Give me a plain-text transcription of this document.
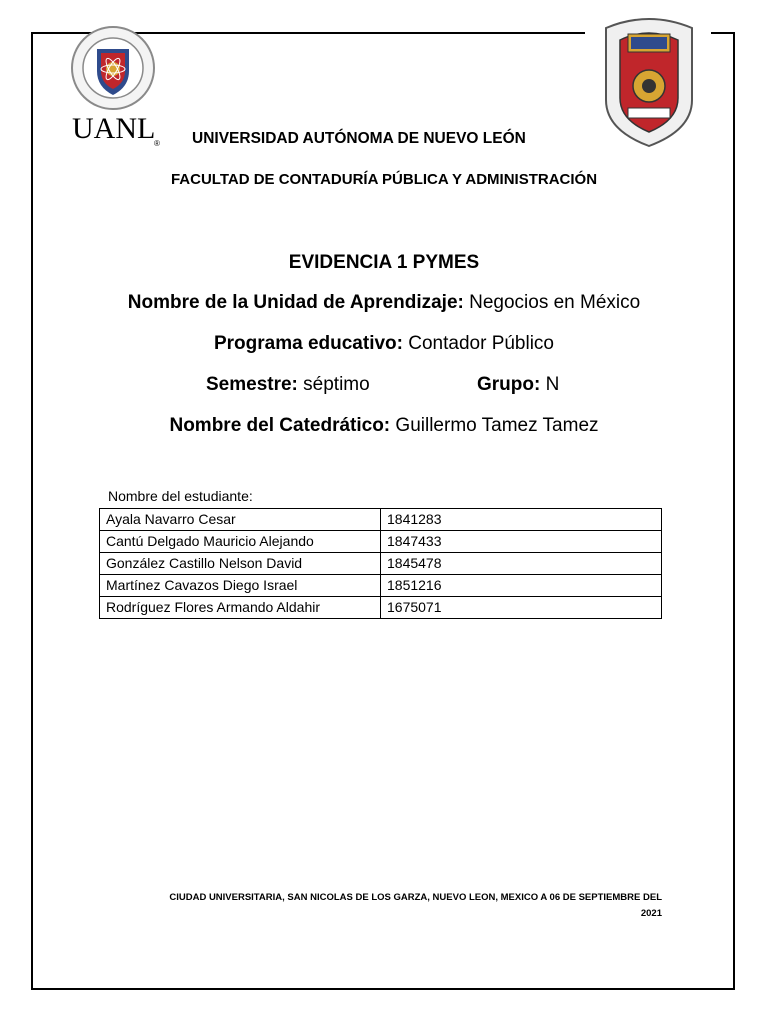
UANL
® UNIVERSIDAD AUTÓNOMA DE NUEVO LEÓN
FACULTAD DE CONTADURÍA PÚBLICA Y ADMINISTRACIÓN
EVIDENCIA 1 PYMES
Nombre de la Unidad de Aprendizaje: Negocios en México
Programa educativo: Contador Público
Semestre: séptimo	Grupo: N
Nombre del Catedrático: Guillermo Tamez Tamez
Nombre del estudiante:
Ayala Navarro Cesar	1841283
Cantú Delgado Mauricio Alejando	1847433
González Castillo Nelson David	1845478
Martínez Cavazos Diego Israel	1851216
Rodríguez Flores Armando Aldahir	1675071
CIUDAD UNIVERSITARIA, SAN NICOLAS DE LOS GARZA, NUEVO LEON, MEXICO A 06 DE SEPTIEMBRE DEL
2021
